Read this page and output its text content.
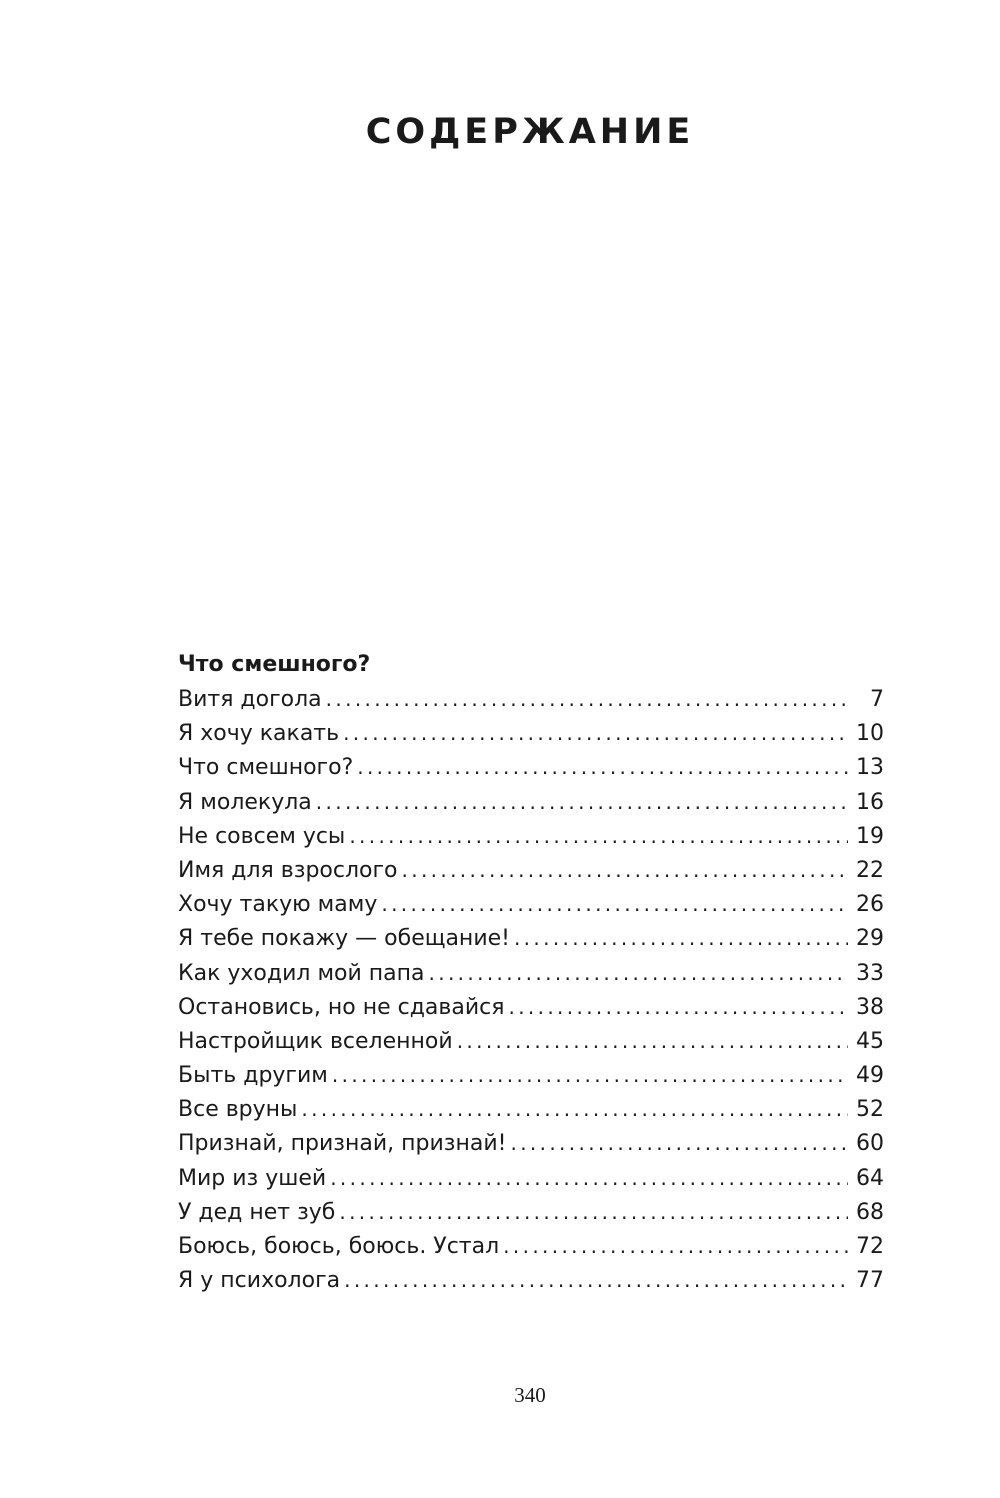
СОДЕРЖАНИЕ
Что смешного?
Витя догола . . .	7
Я хочу какать . . .	10
Что смешного? . . .	13
Я молекула . . .	16
Не совсем усы . . .	19
Имя для взрослого . . .	22
Хочу такую маму . . .	26
Я тебе покажу — обещание! . . .	29
Как уходил мой папа . . .	33
Остановись, но не сдавайся . . .	38
Настройщик вселенной . . .	45
Быть другим . . .	49
Все вруны . . .	52
Признай, признай, признай! . . .	60
Мир из ушей . . .	64
У дед нет зуб . . .	68
Боюсь, боюсь, боюсь. Устал . . .	72
Я у психолога . . .	77

340
